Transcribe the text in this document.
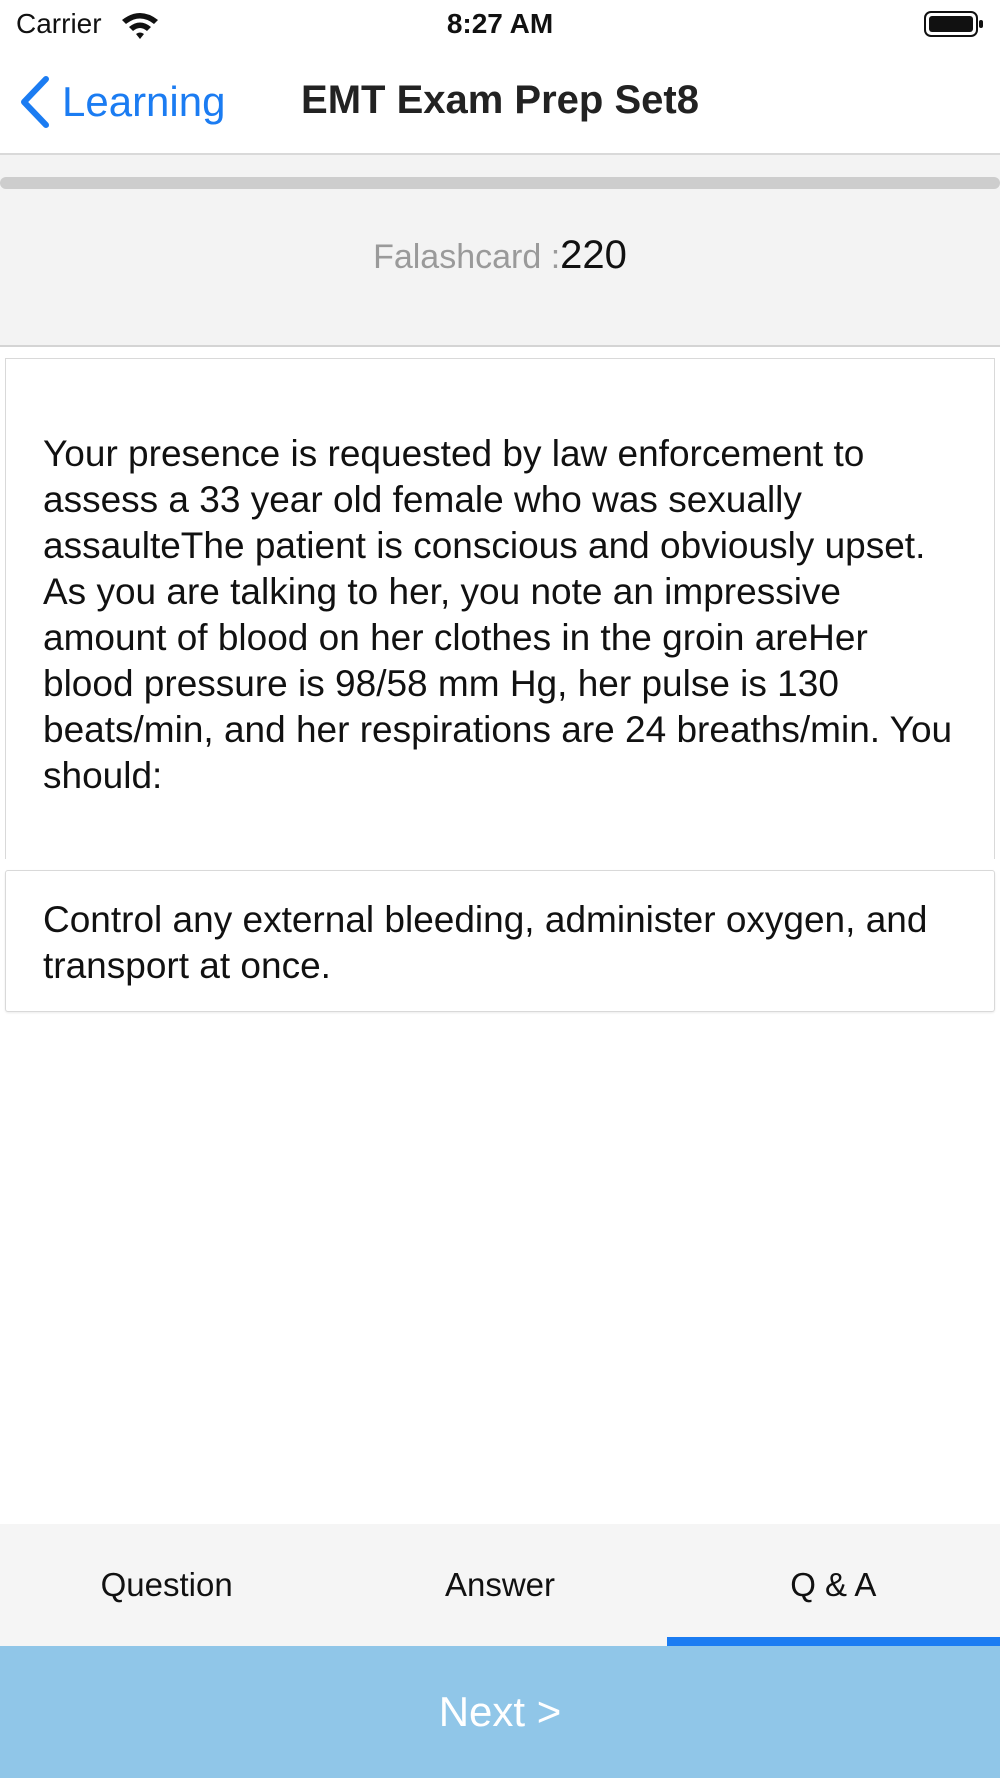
Carrier	8:27 AM
Learning	EMT Exam Prep Set8
Falashcard :220
Your presence is requested by law enforcement to assess a 33 year old female who was sexually assaulteThe patient is conscious and obviously upset. As you are talking to her, you note an impressive amount of blood on her clothes in the groin areHer blood pressure is 98/58 mm Hg, her pulse is 130 beats/min, and her respirations are 24 breaths/min. You should:
Control any external bleeding, administer oxygen, and transport at once.
Question	Answer	Q & A
Next >
